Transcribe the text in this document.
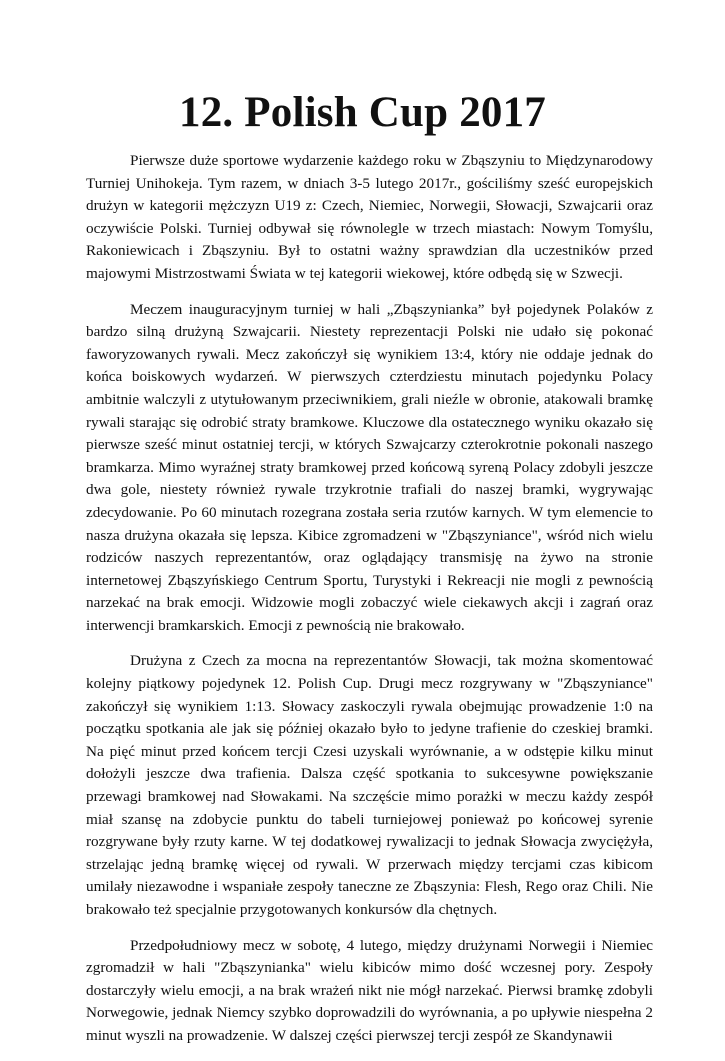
12. Polish Cup 2017

Pierwsze duże sportowe wydarzenie każdego roku w Zbąszyniu to Międzynarodowy Turniej Unihokeja. Tym razem, w dniach 3-5 lutego 2017r., gościliśmy sześć europejskich drużyn w kategorii mężczyzn U19 z: Czech, Niemiec, Norwegii, Słowacji, Szwajcarii oraz oczywiście Polski. Turniej odbywał się równolegle w trzech miastach: Nowym Tomyślu, Rakoniewicach i Zbąszyniu. Był to ostatni ważny sprawdzian dla uczestników przed majowymi Mistrzostwami Świata w tej kategorii wiekowej, które odbędą się w Szwecji.

Meczem inauguracyjnym turniej w hali „Zbąszynianka” był pojedynek Polaków z bardzo silną drużyną Szwajcarii. Niestety reprezentacji Polski nie udało się pokonać faworyzowanych rywali. Mecz zakończył się wynikiem 13:4, który nie oddaje jednak do końca boiskowych wydarzeń. W pierwszych czterdziestu minutach pojedynku Polacy ambitnie walczyli z utytułowanym przeciwnikiem, grali nieźle w obronie, atakowali bramkę rywali starając się odrobić straty bramkowe. Kluczowe dla ostatecznego wyniku okazało się pierwsze sześć minut ostatniej tercji, w których Szwajcarzy czterokrotnie pokonali naszego bramkarza. Mimo wyraźnej straty bramkowej przed końcową syreną Polacy zdobyli jeszcze dwa gole, niestety również rywale trzykrotnie trafiali do naszej bramki, wygrywając zdecydowanie. Po 60 minutach rozegrana została seria rzutów karnych. W tym elemencie to nasza drużyna okazała się lepsza. Kibice zgromadzeni w "Zbąszyniance", wśród nich wielu rodziców naszych reprezentantów, oraz oglądający transmisję na żywo na stronie internetowej Zbąszyńskiego Centrum Sportu, Turystyki i Rekreacji nie mogli z pewnością narzekać na brak emocji. Widzowie mogli zobaczyć wiele ciekawych akcji i zagrań oraz interwencji bramkarskich. Emocji z pewnością nie brakowało.

Drużyna z Czech za mocna na reprezentantów Słowacji, tak można skomentować kolejny piątkowy pojedynek 12. Polish Cup. Drugi mecz rozgrywany w "Zbąszyniance" zakończył się wynikiem 1:13. Słowacy zaskoczyli rywala obejmując prowadzenie 1:0 na początku spotkania ale jak się później okazało było to jedyne trafienie do czeskiej bramki. Na pięć minut przed końcem tercji Czesi uzyskali wyrównanie, a w odstępie kilku minut dołożyli jeszcze dwa trafienia. Dalsza część spotkania to sukcesywne powiększanie przewagi bramkowej nad Słowakami. Na szczęście mimo porażki w meczu każdy zespół miał szansę na zdobycie punktu do tabeli turniejowej ponieważ po końcowej syrenie rozgrywane były rzuty karne. W tej dodatkowej rywalizacji to jednak Słowacja zwyciężyła, strzelając jedną bramkę więcej od rywali. W przerwach między tercjami czas kibicom umilały niezawodne i wspaniałe zespoły taneczne ze Zbąszynia: Flesh, Rego oraz Chili. Nie brakowało też specjalnie przygotowanych konkursów dla chętnych.

Przedpołudniowy mecz w sobotę, 4 lutego, między drużynami Norwegii i Niemiec zgromadził w hali "Zbąszynianka" wielu kibiców mimo dość wczesnej pory. Zespoły dostarczyły wielu emocji, a na brak wrażeń nikt nie mógł narzekać. Pierwsi bramkę zdobyli Norwegowie, jednak Niemcy szybko doprowadzili do wyrównania, a po upływie niespełna 2 minut wyszli na prowadzenie. W dalszej części pierwszej tercji zespół ze Skandynawii
